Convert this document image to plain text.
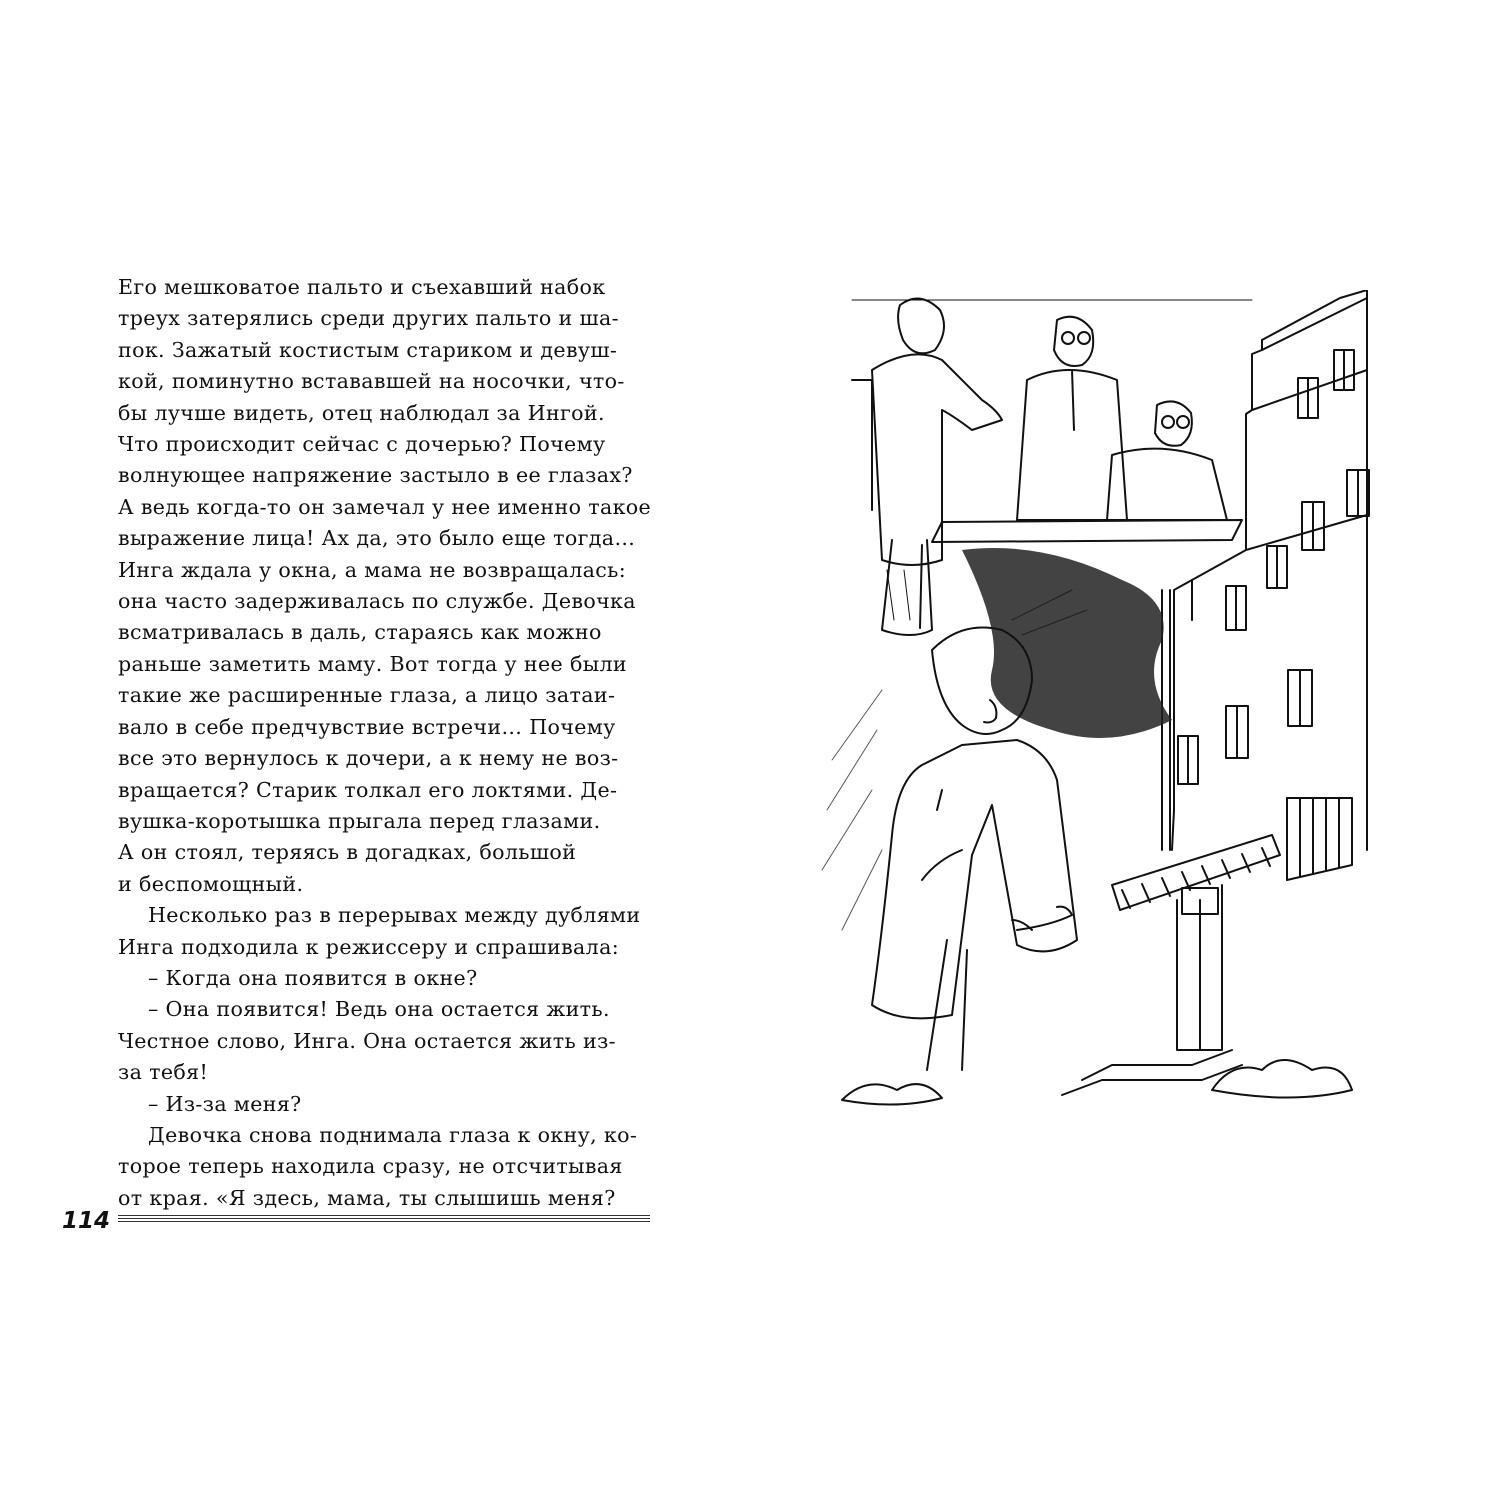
Его мешковатое пальто и съехавший набок
треух затерялись среди других пальто и ша-
пок. Зажатый костистым стариком и девуш-
кой, поминутно встававшей на носочки, что-
бы лучше видеть, отец наблюдал за Ингой.
Что происходит сейчас с дочерью? Почему
волнующее напряжение застыло в ее глазах?
А ведь когда-то он замечал у нее именно такое
выражение лица! Ах да, это было еще тогда…
Инга ждала у окна, а мама не возвращалась:
она часто задерживалась по службе. Девочка
всматривалась в даль, стараясь как можно
раньше заметить маму. Вот тогда у нее были
такие же расширенные глаза, а лицо затаи-
вало в себе предчувствие встречи… Почему
все это вернулось к дочери, а к нему не воз-
вращается? Старик толкал его локтями. Де-
вушка-коротышка прыгала перед глазами.
А он стоял, теряясь в догадках, большой
и беспомощный.

Несколько раз в перерывах между дублями
Инга подходила к режиссеру и спрашивала:

– Когда она появится в окне?

– Она появится! Ведь она остается жить.
Честное слово, Инга. Она остается жить из-
за тебя!

– Из-за меня?

Девочка снова поднимала глаза к окну, ко-
торое теперь находила сразу, не отсчитывая
от края. «Я здесь, мама, ты слышишь меня?

114
